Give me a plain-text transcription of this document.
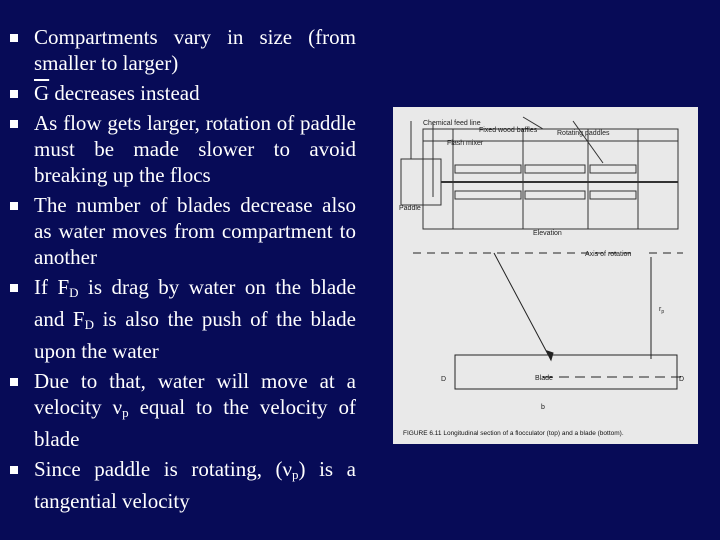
Compartments vary in size (from smaller to larger)
$\overline{G}$ decreases instead
As flow gets larger, rotation of paddle must be made slower to avoid breaking up the flocs
The number of blades decrease also as water moves from compartment to another
If $F_D$ is drag by water on the blade and $F_D$ is also the push of the blade upon the water
Due to that, water will move at a velocity $\nu_p$ equal to the velocity of blade
Since paddle is rotating, $(\nu_p)$ is a tangential velocity
Chemical feed line
Fixed wood baffles	Rotating paddles
Flash mixer
Paddle
Elevation
Axis of rotation
$r_p$
Blade
D	D
b
FIGURE 6.11 Longitudinal section of a flocculator (top) and a blade (bottom).
